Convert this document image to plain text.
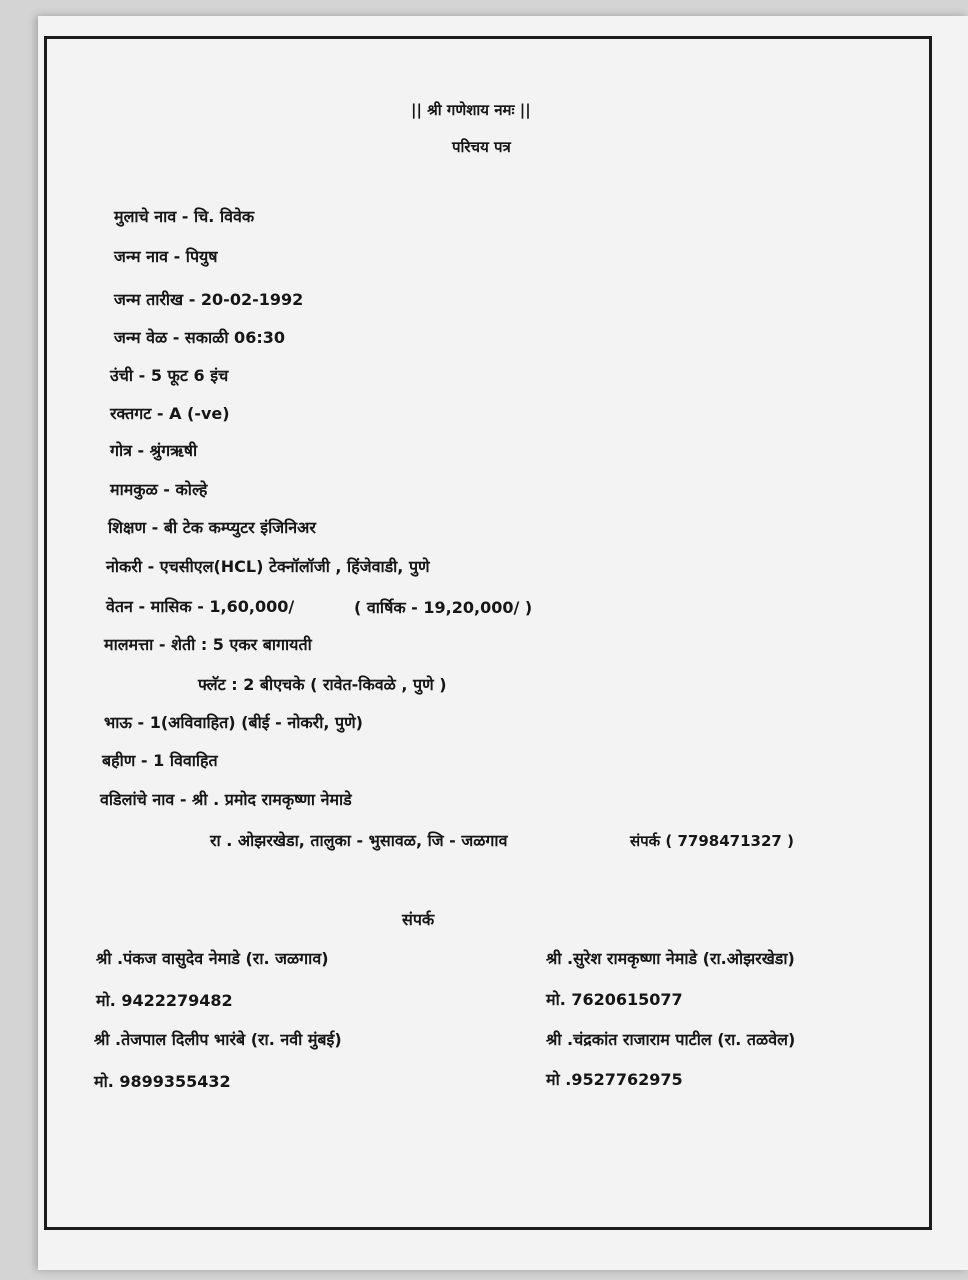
|| श्री गणेशाय नमः ||
परिचय पत्र
मुलाचे नाव - चि. विवेक
जन्म नाव - पियुष
जन्म तारीख - 20-02-1992
जन्म वेळ - सकाळी 06:30
उंची - 5 फूट 6 इंच
रक्तगट - A (-ve)
गोत्र - श्रुंगऋषी
मामकुळ - कोल्हे
शिक्षण - बी टेक कम्प्युटर इंजिनिअर
नोकरी - एचसीएल(HCL) टेक्नॉलॉजी , हिंजेवाडी, पुणे
वेतन - मासिक - 1,60,000/	( वार्षिक - 19,20,000/ )
मालमत्ता - शेती : 5 एकर बागायती
फ्लॅट : 2 बीएचके ( रावेत-किवळे , पुणे )
भाऊ - 1(अविवाहित) (बीई - नोकरी, पुणे)
बहीण - 1 विवाहित
वडिलांचे नाव - श्री . प्रमोद रामकृष्णा नेमाडे
रा . ओझरखेडा, तालुका - भुसावळ, जि - जळगाव	संपर्क ( 7798471327 )
संपर्क
श्री .पंकज वासुदेव नेमाडे (रा. जळगाव)
मो. 9422279482
श्री .सुरेश रामकृष्णा नेमाडे (रा.ओझरखेडा)
मो. 7620615077
श्री .तेजपाल दिलीप भारंबे (रा. नवी मुंबई)
मो. 9899355432
श्री .चंद्रकांत राजाराम पाटील (रा. तळवेल)
मो .9527762975
